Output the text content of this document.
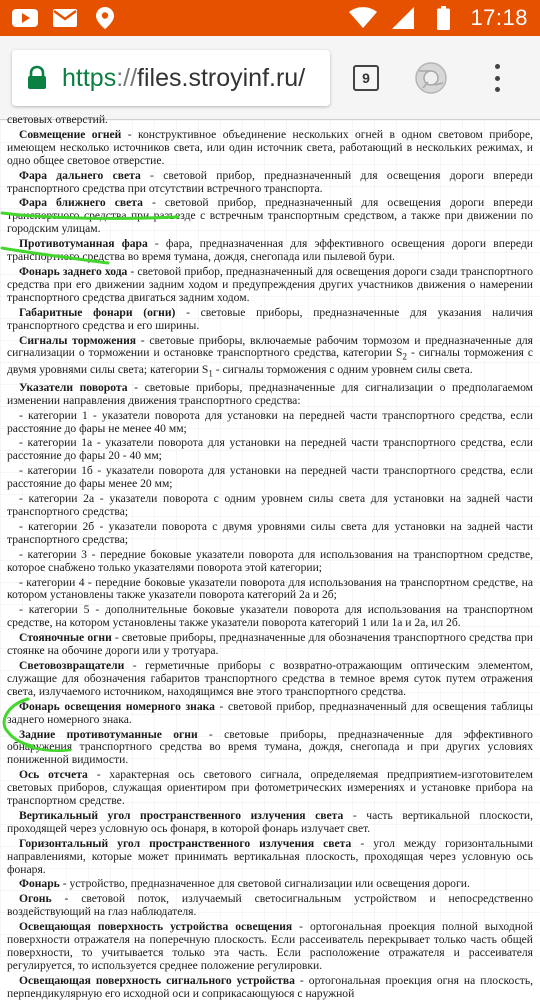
17:18
https://files.stroyinf.ru/	9

световых отверстий.

Совмещение огней - конструктивное объединение нескольких огней в одном световом приборе, имеющем несколько источников света, или один источник света, работающий в нескольких режимах, и одно общее световое отверстие.

Фара дальнего света - световой прибор, предназначенный для освещения дороги впереди транспортного средства при отсутствии встречного транспорта.

Фара ближнего света - световой прибор, предназначенный для освещения дороги впереди транспортного средства при разъезде с встречным транспортным средством, а также при движении по городским улицам.

Противотуманная фара - фара, предназначенная для эффективного освещения дороги впереди транспортного средства во время тумана, дождя, снегопада или пылевой бури.

Фонарь заднего хода - световой прибор, предназначенный для освещения дороги сзади транспортного средства при его движении задним ходом и предупреждения других участников движения о намерении транспортного средства двигаться задним ходом.

Габаритные фонари (огни) - световые приборы, предназначенные для указания наличия транспортного средства и его ширины.

Сигналы торможения - световые приборы, включаемые рабочим тормозом и предназначенные для сигнализации о торможении и остановке транспортного средства, категории $S_2$ - сигналы торможения с двумя уровнями силы света; категории $S_1$ - сигналы торможения с одним уровнем силы света.

Указатели поворота - световые приборы, предназначенные для сигнализации о предполагаемом изменении направления движения транспортного средства:

- категории 1 - указатели поворота для установки на передней части транспортного средства, если расстояние до фары не менее 40 мм;

- категории 1а - указатели поворота для установки на передней части транспортного средства, если расстояние до фары 20 - 40 мм;

- категории 1б - указатели поворота для установки на передней части транспортного средства, если расстояние до фары менее 20 мм;

- категории 2а - указатели поворота с одним уровнем силы света для установки на задней части транспортного средства;

- категории 2б - указатели поворота с двумя уровнями силы света для установки на задней части транспортного средства;

- категории 3 - передние боковые указатели поворота для использования на транспортном средстве, которое снабжено только указателями поворота этой категории;

- категории 4 - передние боковые указатели поворота для использования на транспортном средстве, на котором установлены также указатели поворота категорий 2а и 2б;

- категории 5 - дополнительные боковые указатели поворота для использования на транспортном средстве, на котором установлены также указатели поворота категорий 1 или 1а и 2а, ил 2б.

Стояночные огни - световые приборы, предназначенные для обозначения транспортного средства при стоянке на обочине дороги или у тротуара.

Световозвращатели - герметичные приборы с возвратно-отражающим оптическим элементом, служащие для обозначения габаритов транспортного средства в темное время суток путем отражения света, излучаемого источником, находящимся вне этого транспортного средства.

Фонарь освещения номерного знака - световой прибор, предназначенный для освещения таблицы заднего номерного знака.

Задние противотуманные огни - световые приборы, предназначенные для эффективного обнаружения транспортного средства во время тумана, дождя, снегопада и при других условиях пониженной видимости.

Ось отсчета - характерная ось светового сигнала, определяемая предприятием-изготовителем световых приборов, служащая ориентиром при фотометрических измерениях и установке прибора на транспортном средстве.

Вертикальный угол пространственного излучения света - часть вертикальной плоскости, проходящей через условную ось фонаря, в которой фонарь излучает свет.

Горизонтальный угол пространственного излучения света - угол между горизонтальными направлениями, которые может принимать вертикальная плоскость, проходящая через условную ось фонаря.

Фонарь - устройство, предназначенное для световой сигнализации или освещения дороги.

Огонь - световой поток, излучаемый светосигнальным устройством и непосредственно воздействующий на глаз наблюдателя.

Освещающая поверхность устройства освещения - ортогональная проекция полной выходной поверхности отражателя на поперечную плоскость. Если рассеиватель перекрывает только часть общей поверхности, то учитывается только эта часть. Если расположение отражателя и рассеивателя регулируется, то используется среднее положение регулировки.

Освещающая поверхность сигнального устройства - ортогональная проекция огня на плоскость, перпендикулярную его исходной оси и соприкасающуюся с наружной
